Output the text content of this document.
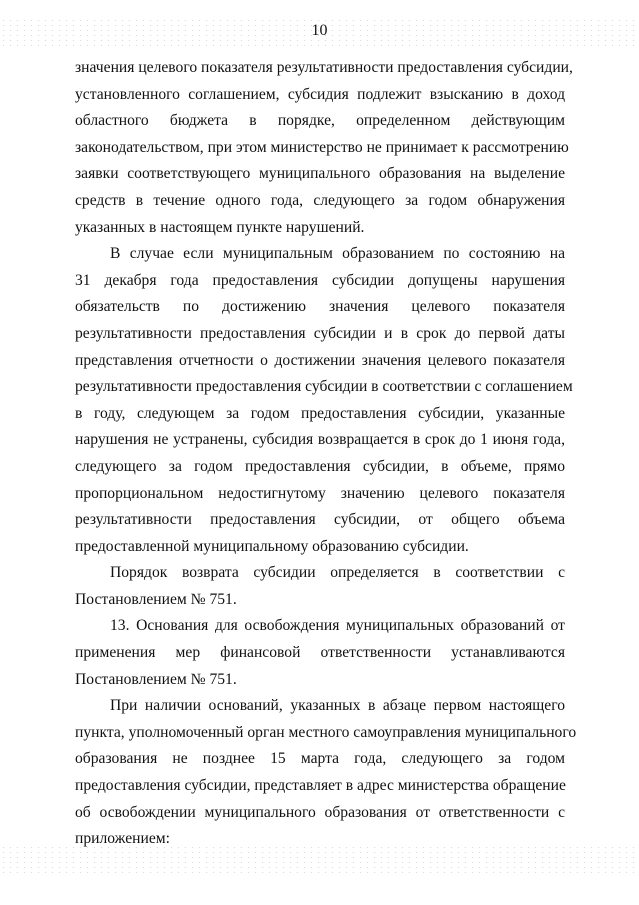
10
значения целевого показателя результативности предоставления субсидии,
установленного соглашением, субсидия подлежит взысканию в доход
областного бюджета в порядке, определенном действующим
законодательством, при этом министерство не принимает к рассмотрению
заявки соответствующего муниципального образования на выделение
средств в течение одного года, следующего за годом обнаружения
указанных в настоящем пункте нарушений.
В случае если муниципальным образованием по состоянию на
31 декабря года предоставления субсидии допущены нарушения
обязательств по достижению значения целевого показателя
результативности предоставления субсидии и в срок до первой даты
представления отчетности о достижении значения целевого показателя
результативности предоставления субсидии в соответствии с соглашением
в году, следующем за годом предоставления субсидии, указанные
нарушения не устранены, субсидия возвращается в срок до 1 июня года,
следующего за годом предоставления субсидии, в объеме, прямо
пропорциональном недостигнутому значению целевого показателя
результативности предоставления субсидии, от общего объема
предоставленной муниципальному образованию субсидии.
Порядок возврата субсидии определяется в соответствии с
Постановлением № 751.
13. Основания для освобождения муниципальных образований от
применения мер финансовой ответственности устанавливаются
Постановлением № 751.
При наличии оснований, указанных в абзаце первом настоящего
пункта, уполномоченный орган местного самоуправления муниципального
образования не позднее 15 марта года, следующего за годом
предоставления субсидии, представляет в адрес министерства обращение
об освобождении муниципального образования от ответственности с
приложением:
